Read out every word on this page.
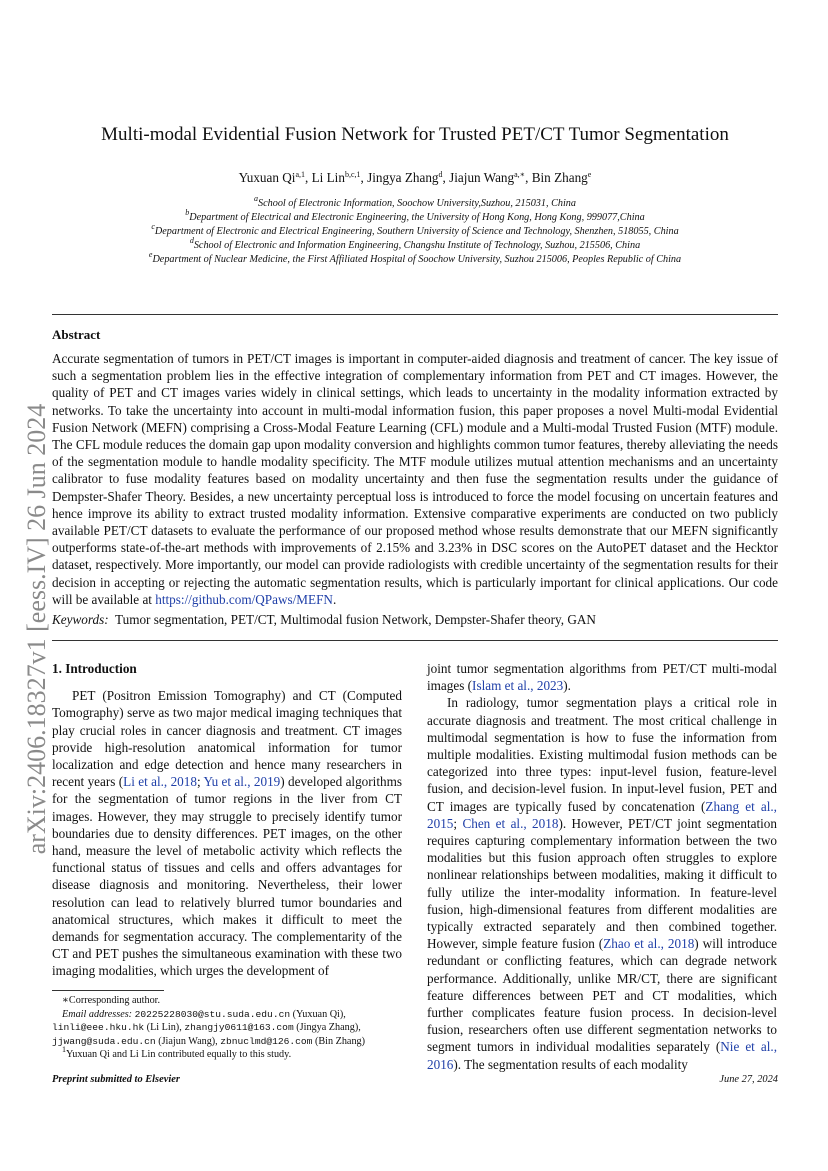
arXiv:2406.18327v1 [eess.IV] 26 Jun 2024
Multi-modal Evidential Fusion Network for Trusted PET/CT Tumor Segmentation
Yuxuan Qi$^{a,1}$, Li Lin$^{b,c,1}$, Jingya Zhang$^d$, Jiajun Wang$^{a,∗}$, Bin Zhang$^e$
$^a$School of Electronic Information, Soochow University,Suzhou, 215031, China
$^b$Department of Electrical and Electronic Engineering, the University of Hong Kong, Hong Kong, 999077,China
$^c$Department of Electronic and Electrical Engineering, Southern University of Science and Technology, Shenzhen, 518055, China
$^d$School of Electronic and Information Engineering, Changshu Institute of Technology, Suzhou, 215506, China
$^e$Department of Nuclear Medicine, the First Affiliated Hospital of Soochow University, Suzhou 215006, Peoples Republic of China
Abstract
Accurate segmentation of tumors in PET/CT images is important in computer-aided diagnosis and treatment of cancer. The key issue of such a segmentation problem lies in the effective integration of complementary information from PET and CT images. However, the quality of PET and CT images varies widely in clinical settings, which leads to uncertainty in the modality information extracted by networks. To take the uncertainty into account in multi-modal information fusion, this paper proposes a novel Multi-modal Evidential Fusion Network (MEFN) comprising a Cross-Modal Feature Learning (CFL) module and a Multi-modal Trusted Fusion (MTF) module. The CFL module reduces the domain gap upon modality conversion and highlights common tumor features, thereby alleviating the needs of the segmentation module to handle modality specificity. The MTF module utilizes mutual attention mechanisms and an uncertainty calibrator to fuse modality features based on modality uncertainty and then fuse the segmentation results under the guidance of Dempster-Shafer Theory. Besides, a new uncertainty perceptual loss is introduced to force the model focusing on uncertain features and hence improve its ability to extract trusted modality information. Extensive comparative experiments are conducted on two publicly available PET/CT datasets to evaluate the performance of our proposed method whose results demonstrate that our MEFN significantly outperforms state-of-the-art methods with improvements of 2.15% and 3.23% in DSC scores on the AutoPET dataset and the Hecktor dataset, respectively. More importantly, our model can provide radiologists with credible uncertainty of the segmentation results for their decision in accepting or rejecting the automatic segmentation results, which is particularly important for clinical applications. Our code will be available at https://github.com/QPaws/MEFN.
Keywords: Tumor segmentation, PET/CT, Multimodal fusion Network, Dempster-Shafer theory, GAN
1. Introduction

PET (Positron Emission Tomography) and CT (Computed Tomography) serve as two major medical imaging techniques that play crucial roles in cancer diagnosis and treatment. CT images provide high-resolution anatomical information for tumor localization and edge detection and hence many researchers in recent years (Li et al., 2018; Yu et al., 2019) developed algorithms for the segmentation of tumor regions in the liver from CT images. However, they may struggle to precisely identify tumor boundaries due to density differences. PET images, on the other hand, measure the level of metabolic activity which reflects the functional status of tissues and cells and offers advantages for disease diagnosis and monitoring. Nevertheless, their lower resolution can lead to relatively blurred tumor boundaries and anatomical structures, which makes it difficult to meet the demands for segmentation accuracy. The complementarity of the CT and PET pushes the simultaneous examination with these two imaging modalities, which urges the development of

joint tumor segmentation algorithms from PET/CT multi-modal images (Islam et al., 2023).

In radiology, tumor segmentation plays a critical role in accurate diagnosis and treatment. The most critical challenge in multimodal segmentation is how to fuse the information from multiple modalities. Existing multimodal fusion methods can be categorized into three types: input-level fusion, feature-level fusion, and decision-level fusion. In input-level fusion, PET and CT images are typically fused by concatenation (Zhang et al., 2015; Chen et al., 2018). However, PET/CT joint segmentation requires capturing complementary information between the two modalities but this fusion approach often struggles to explore nonlinear relationships between modalities, making it difficult to fully utilize the inter-modality information. In feature-level fusion, high-dimensional features from different modalities are typically extracted separately and then combined together. However, simple feature fusion (Zhao et al., 2018) will introduce redundant or conflicting features, which can degrade network performance. Additionally, unlike MR/CT, there are significant feature differences between PET and CT modalities, which further complicates feature fusion process. In decision-level fusion, researchers often use different segmentation networks to segment tumors in individual modalities separately (Nie et al., 2016). The segmentation results of each modality

∗Corresponding author.
Email addresses: 20225228030@stu.suda.edu.cn (Yuxuan Qi), linli@eee.hku.hk (Li Lin), zhangjy0611@163.com (Jingya Zhang), jjwang@suda.edu.cn (Jiajun Wang), zbnuclmd@126.com (Bin Zhang)
$^1$Yuxuan Qi and Li Lin contributed equally to this study.
Preprint submitted to Elsevier	June 27, 2024
